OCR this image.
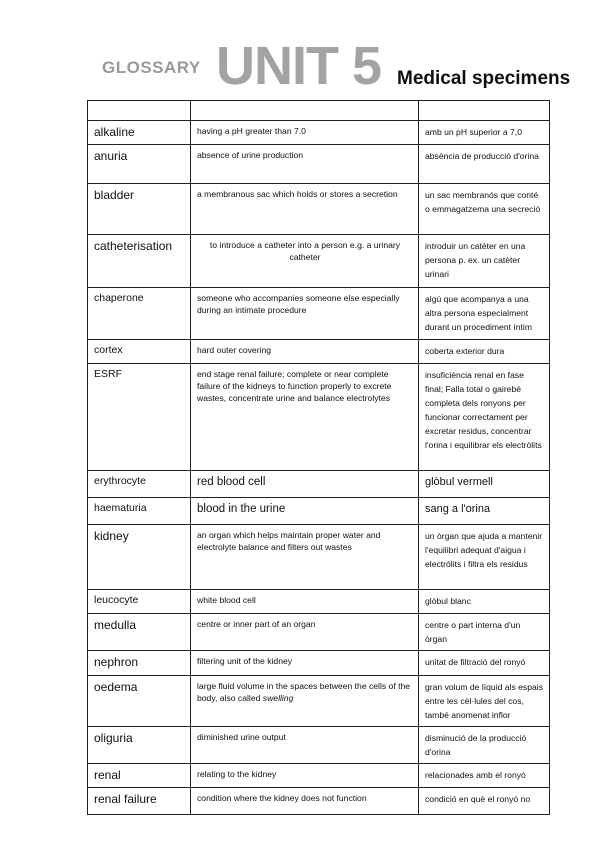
GLOSSARY UNIT 5 Medical specimens

alkaline	having a pH greater than 7.0	amb un pH superior a 7,0
anuria	absence of urine production	absència de producció d'orina
bladder	a membranous sac which holds or stores a secretion	un sac membranós que conté o emmagatzema una secreció
catheterisation	to introduce a catheter into a person e.g. a urinary catheter	introduir un catèter en una persona p. ex. un catèter urinari
chaperone	someone who accompanies someone else especially during an intimate procedure	algú que acompanya a una altra persona especialment durant un procediment íntim
cortex	hard outer covering	coberta exterior dura
ESRF	end stage renal failure; complete or near complete failure of the kidneys to function properly to excrete wastes, concentrate urine and balance electrolytes	insuficiència renal en fase final; Falla total o gairebé completa dels ronyons per funcionar correctament per excretar residus, concentrar l'orina i equilibrar els electròlits
erythrocyte	red blood cell	glòbul vermell
haematuria	blood in the urine	sang a l'orina
kidney	an organ which helps maintain proper water and electrolyte balance and filters out wastes	un òrgan que ajuda a mantenir l'equilibri adequat d'aigua i electròlits i filtra els residus
leucocyte	white blood cell	glòbul blanc
medulla	centre or inner part of an organ	centre o part interna d'un òrgan
nephron	filtering unit of the kidney	unitat de filtració del ronyó
oedema	large fluid volume in the spaces between the cells of the body, also called swelling	gran volum de líquid als espais entre les cèl·lules del cos, també anomenat inflor
oliguria	diminished urine output	disminució de la producció d'orina
renal	relating to the kidney	relacionades amb el ronyó
renal failure	condition where the kidney does not function	condició en què el ronyó no
